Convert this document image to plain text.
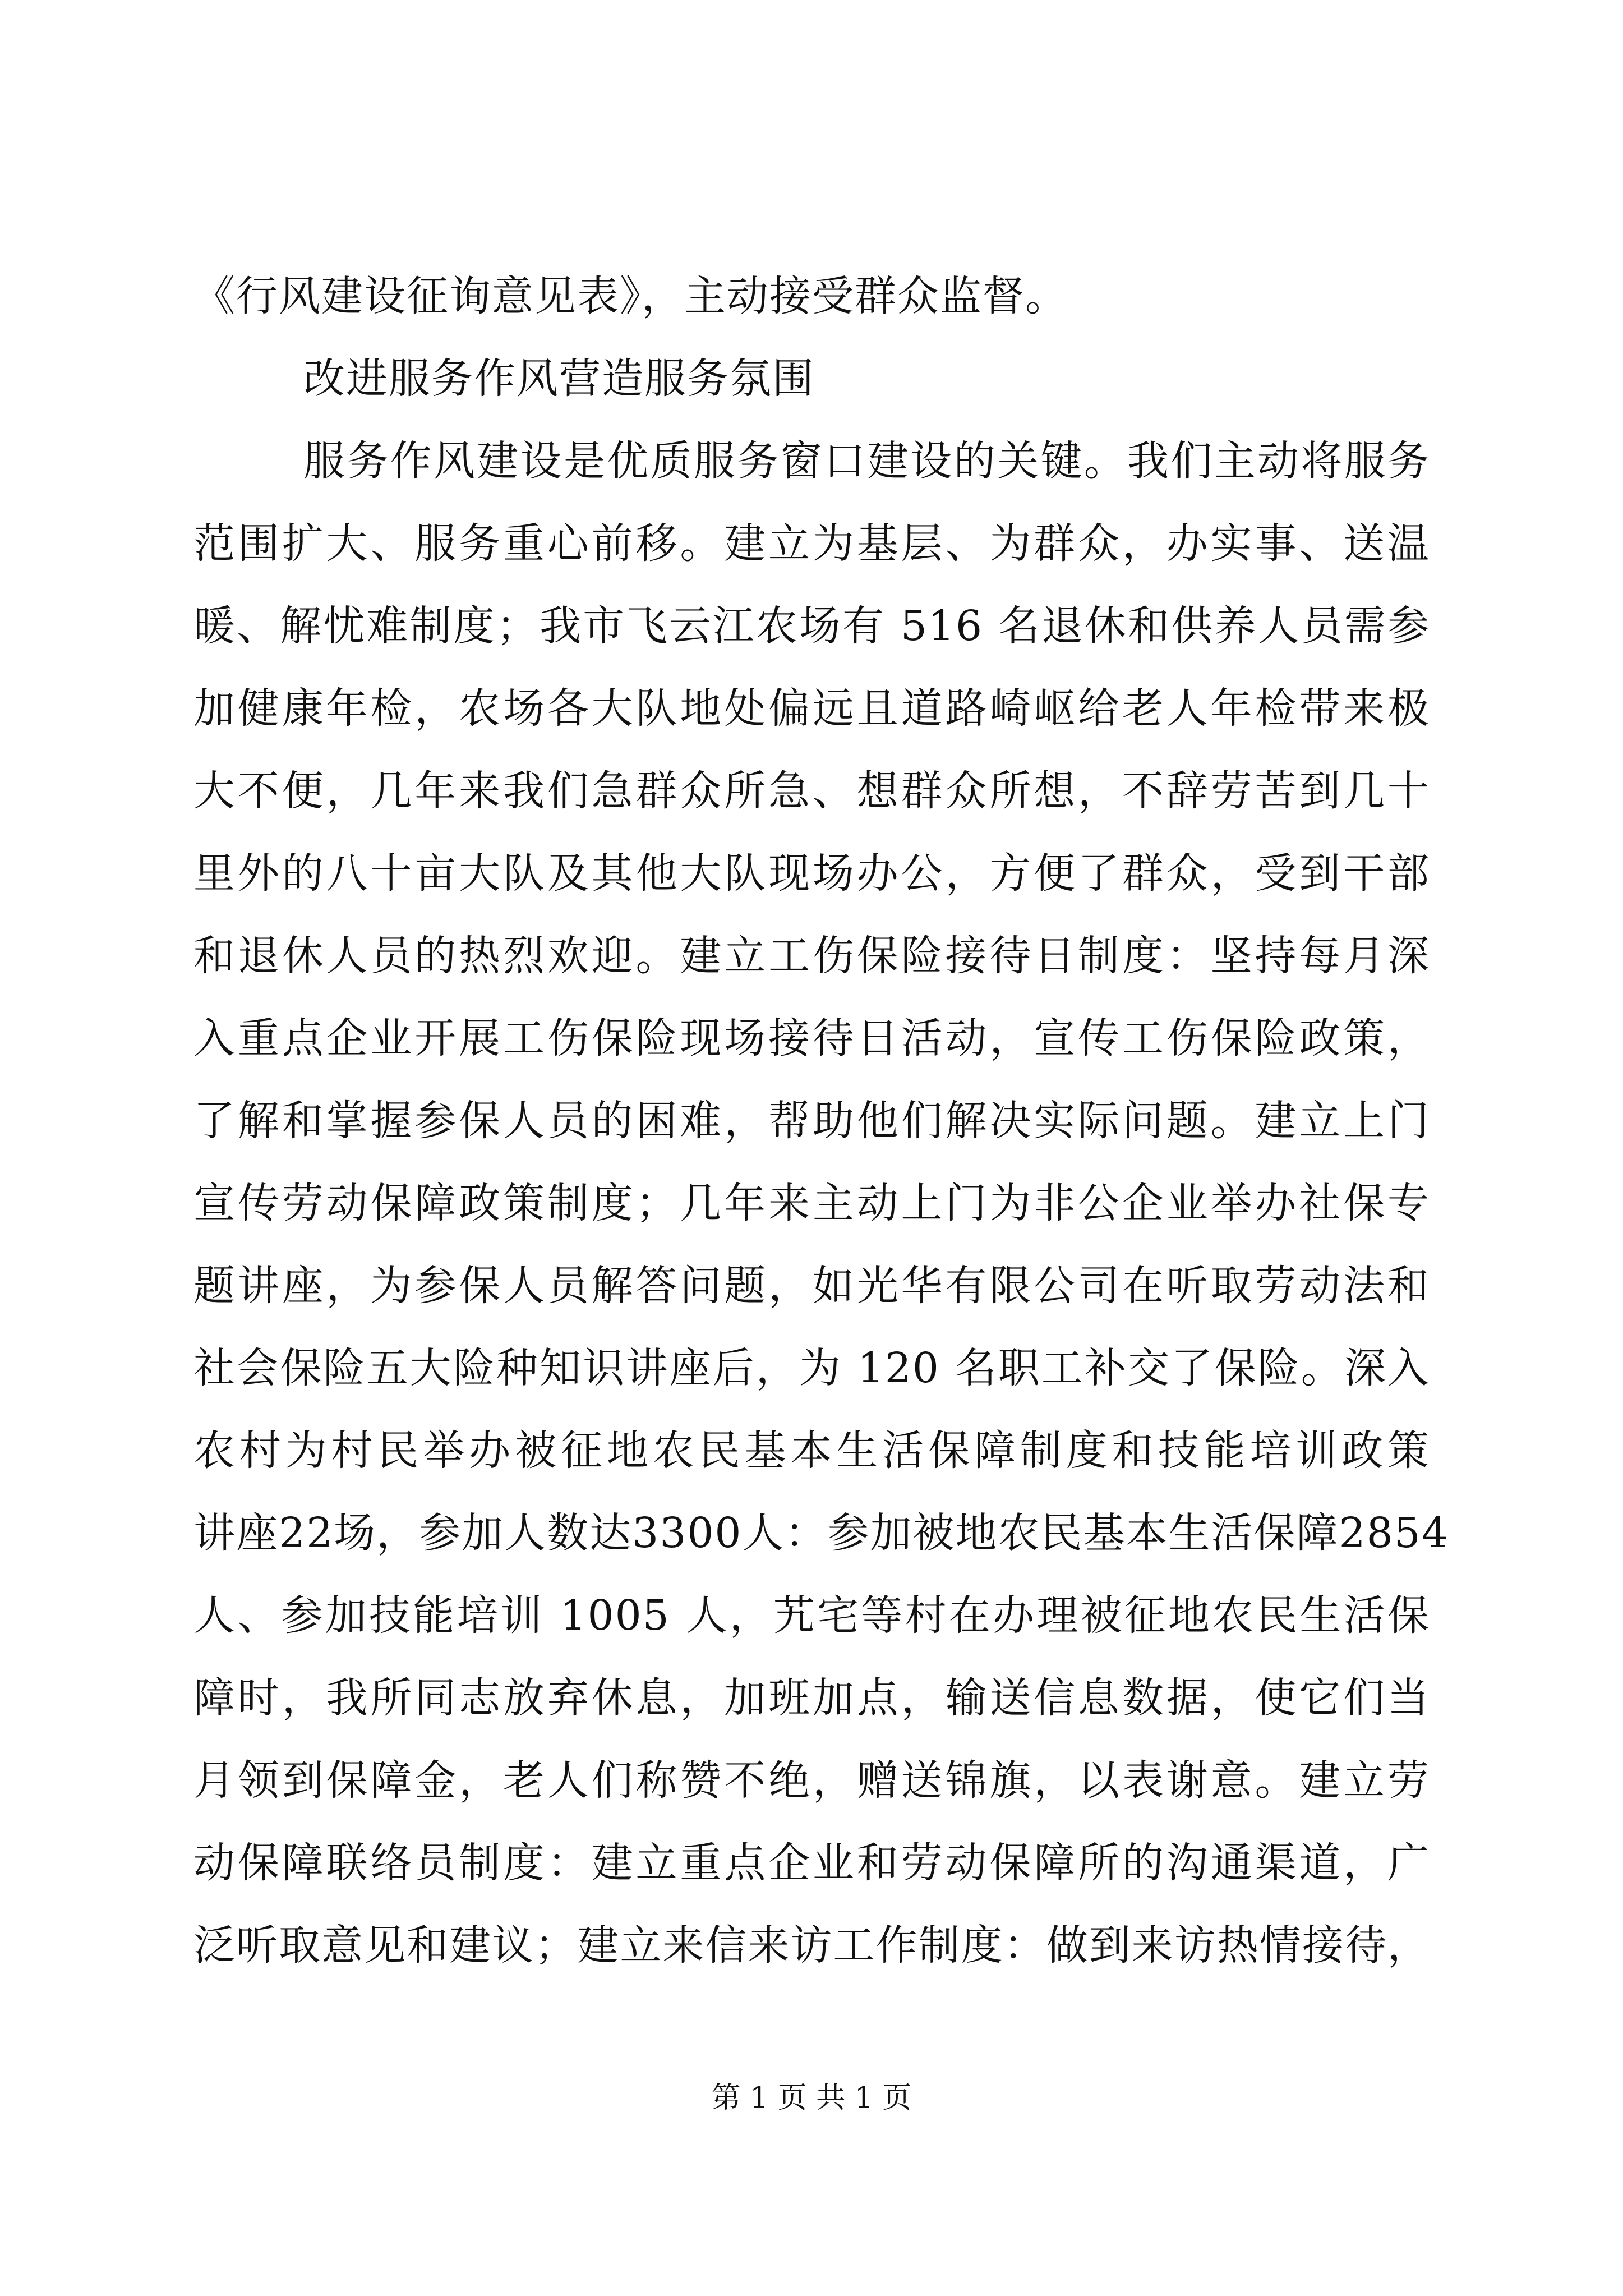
《行风建设征询意见表》，主动接受群众监督。
改进服务作风营造服务氛围
服务作风建设是优质服务窗口建设的关键。我们主动将服务
范围扩大、服务重心前移。建立为基层、为群众，办实事、送温
暖、解忧难制度；我市飞云江农场有 516 名退休和供养人员需参
加健康年检，农场各大队地处偏远且道路崎岖给老人年检带来极
大不便，几年来我们急群众所急、想群众所想，不辞劳苦到几十
里外的八十亩大队及其他大队现场办公，方便了群众，受到干部
和退休人员的热烈欢迎。建立工伤保险接待日制度：坚持每月深
入重点企业开展工伤保险现场接待日活动，宣传工伤保险政策，
了解和掌握参保人员的困难，帮助他们解决实际问题。建立上门
宣传劳动保障政策制度；几年来主动上门为非公企业举办社保专
题讲座，为参保人员解答问题，如光华有限公司在听取劳动法和
社会保险五大险种知识讲座后，为 120 名职工补交了保险。深入
农村为村民举办被征地农民基本生活保障制度和技能培训政策
讲座22场，参加人数达3300人：参加被地农民基本生活保障2854
人、参加技能培训 1005 人，艽宅等村在办理被征地农民生活保
障时，我所同志放弃休息，加班加点，输送信息数据，使它们当
月领到保障金，老人们称赞不绝，赠送锦旗，以表谢意。建立劳
动保障联络员制度：建立重点企业和劳动保障所的沟通渠道，广
泛听取意见和建议；建立来信来访工作制度：做到来访热情接待，
第 1 页 共 1 页
